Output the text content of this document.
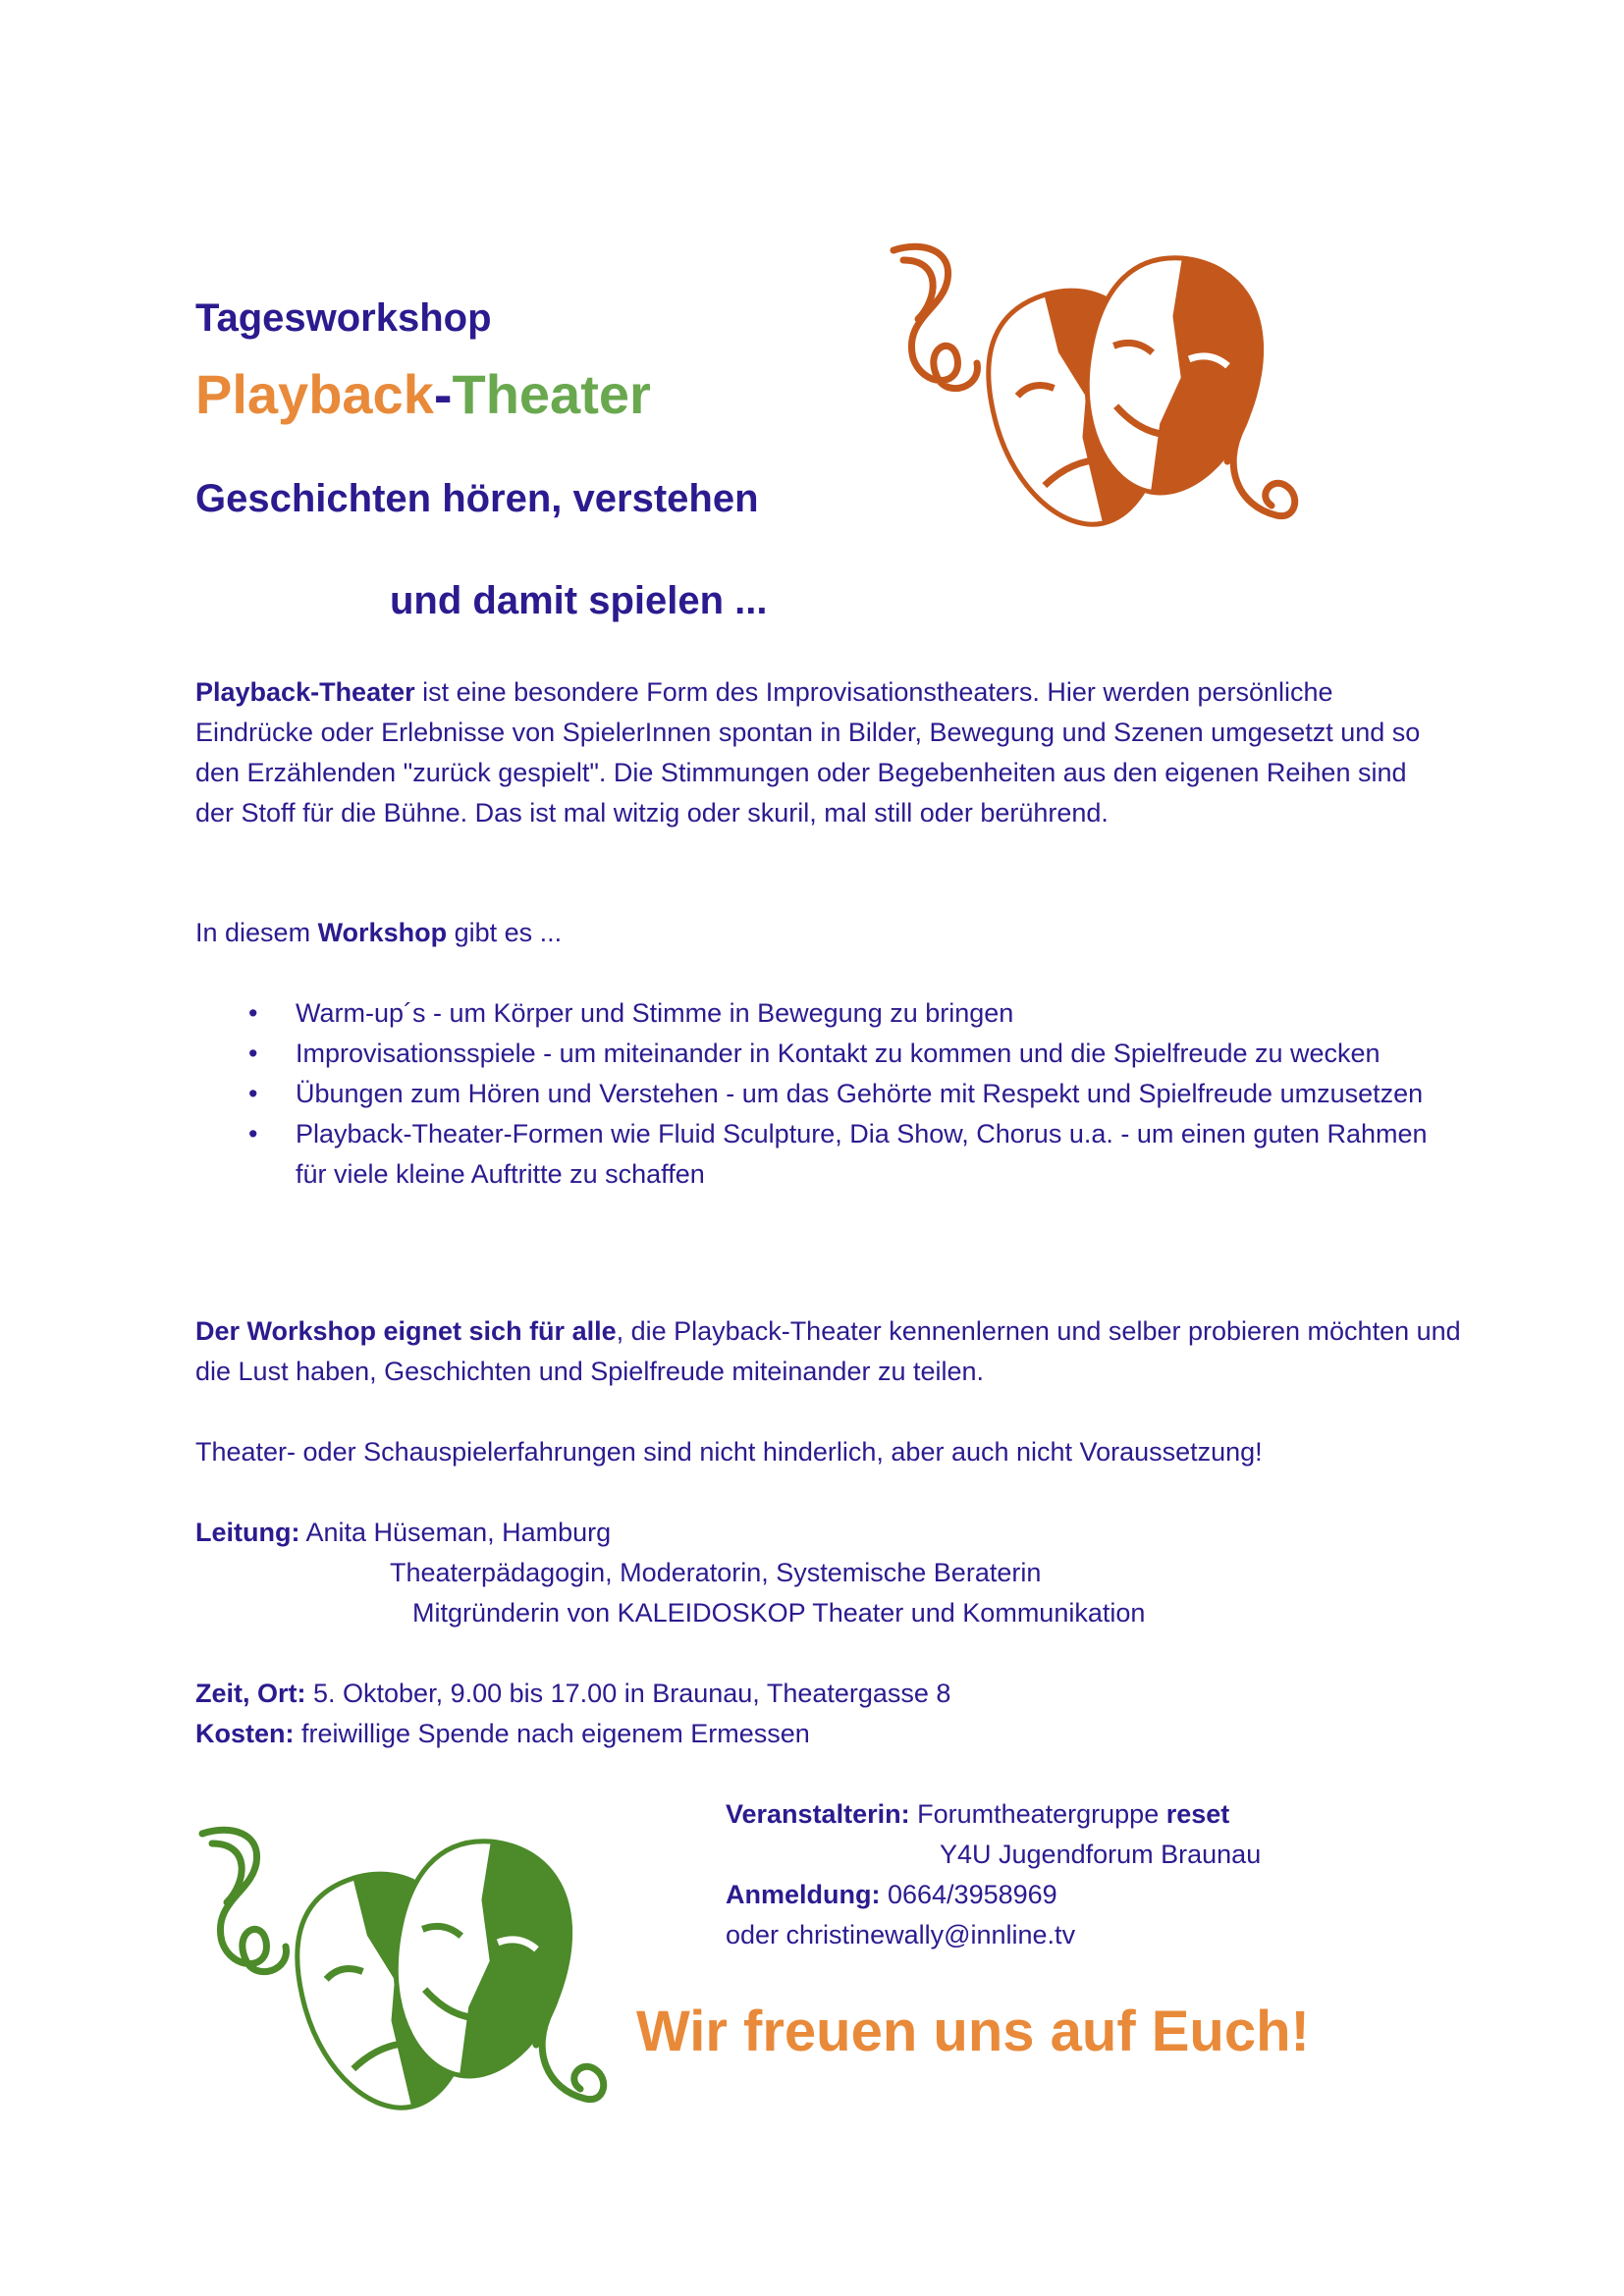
Tagesworkshop
Playback-Theater
Geschichten hören, verstehen
und damit spielen ...
Playback-Theater ist eine besondere Form des Improvisationstheaters. Hier werden persönliche Eindrücke oder Erlebnisse von SpielerInnen spontan in Bilder, Bewegung und Szenen umgesetzt und so den Erzählenden "zurück gespielt". Die Stimmungen oder Begebenheiten aus den eigenen Reihen sind der Stoff für die Bühne. Das ist mal witzig oder skuril, mal still oder berührend.
In diesem Workshop gibt es ...
• Warm-up´s - um Körper und Stimme in Bewegung zu bringen
• Improvisationsspiele - um miteinander in Kontakt zu kommen und die Spielfreude zu wecken
• Übungen zum Hören und Verstehen - um das Gehörte mit Respekt und Spielfreude umzusetzen
• Playback-Theater-Formen wie Fluid Sculpture, Dia Show, Chorus u.a. - um einen guten Rahmen für viele kleine Auftritte zu schaffen
Der Workshop eignet sich für alle, die Playback-Theater kennenlernen und selber probieren möchten und die Lust haben, Geschichten und Spielfreude miteinander zu teilen.
Theater- oder Schauspielerfahrungen sind nicht hinderlich, aber auch nicht Voraussetzung!
Leitung: Anita Hüseman, Hamburg
Theaterpädagogin, Moderatorin, Systemische Beraterin
Mitgründerin von KALEIDOSKOP Theater und Kommunikation
Zeit, Ort: 5. Oktober, 9.00 bis 17.00 in Braunau, Theatergasse 8
Kosten: freiwillige Spende nach eigenem Ermessen
Veranstalterin: Forumtheatergruppe reset
Y4U Jugendforum Braunau
Anmeldung: 0664/3958969
oder christinewally@innline.tv
Wir freuen uns auf Euch!
